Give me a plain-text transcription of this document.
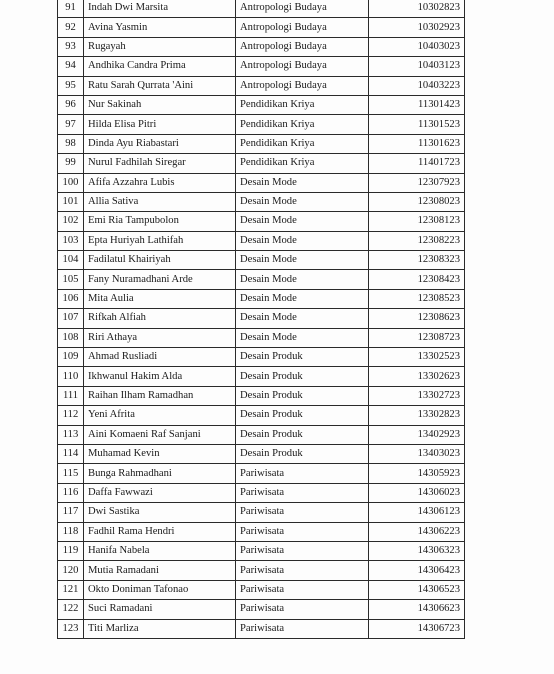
91	Indah Dwi Marsita	Antropologi Budaya	10302823
92	Avina Yasmin	Antropologi Budaya	10302923
93	Rugayah	Antropologi Budaya	10403023
94	Andhika Candra Prima	Antropologi Budaya	10403123
95	Ratu Sarah Qurrata 'Aini	Antropologi Budaya	10403223
96	Nur Sakinah	Pendidikan Kriya	11301423
97	Hilda Elisa Pitri	Pendidikan Kriya	11301523
98	Dinda Ayu Riabastari	Pendidikan Kriya	11301623
99	Nurul Fadhilah Siregar	Pendidikan Kriya	11401723
100	Afifa Azzahra Lubis	Desain Mode	12307923
101	Allia Sativa	Desain Mode	12308023
102	Emi Ria Tampubolon	Desain Mode	12308123
103	Epta Huriyah Lathifah	Desain Mode	12308223
104	Fadilatul Khairiyah	Desain Mode	12308323
105	Fany Nuramadhani Arde	Desain Mode	12308423
106	Mita Aulia	Desain Mode	12308523
107	Rifkah Alfiah	Desain Mode	12308623
108	Riri Athaya	Desain Mode	12308723
109	Ahmad Rusliadi	Desain Produk	13302523
110	Ikhwanul Hakim Alda	Desain Produk	13302623
111	Raihan Ilham Ramadhan	Desain Produk	13302723
112	Yeni Afrita	Desain Produk	13302823
113	Aini Komaeni Raf Sanjani	Desain Produk	13402923
114	Muhamad Kevin	Desain Produk	13403023
115	Bunga Rahmadhani	Pariwisata	14305923
116	Daffa Fawwazi	Pariwisata	14306023
117	Dwi Sastika	Pariwisata	14306123
118	Fadhil Rama Hendri	Pariwisata	14306223
119	Hanifa Nabela	Pariwisata	14306323
120	Mutia Ramadani	Pariwisata	14306423
121	Okto Doniman Tafonao	Pariwisata	14306523
122	Suci Ramadani	Pariwisata	14306623
123	Titi Marliza	Pariwisata	14306723
